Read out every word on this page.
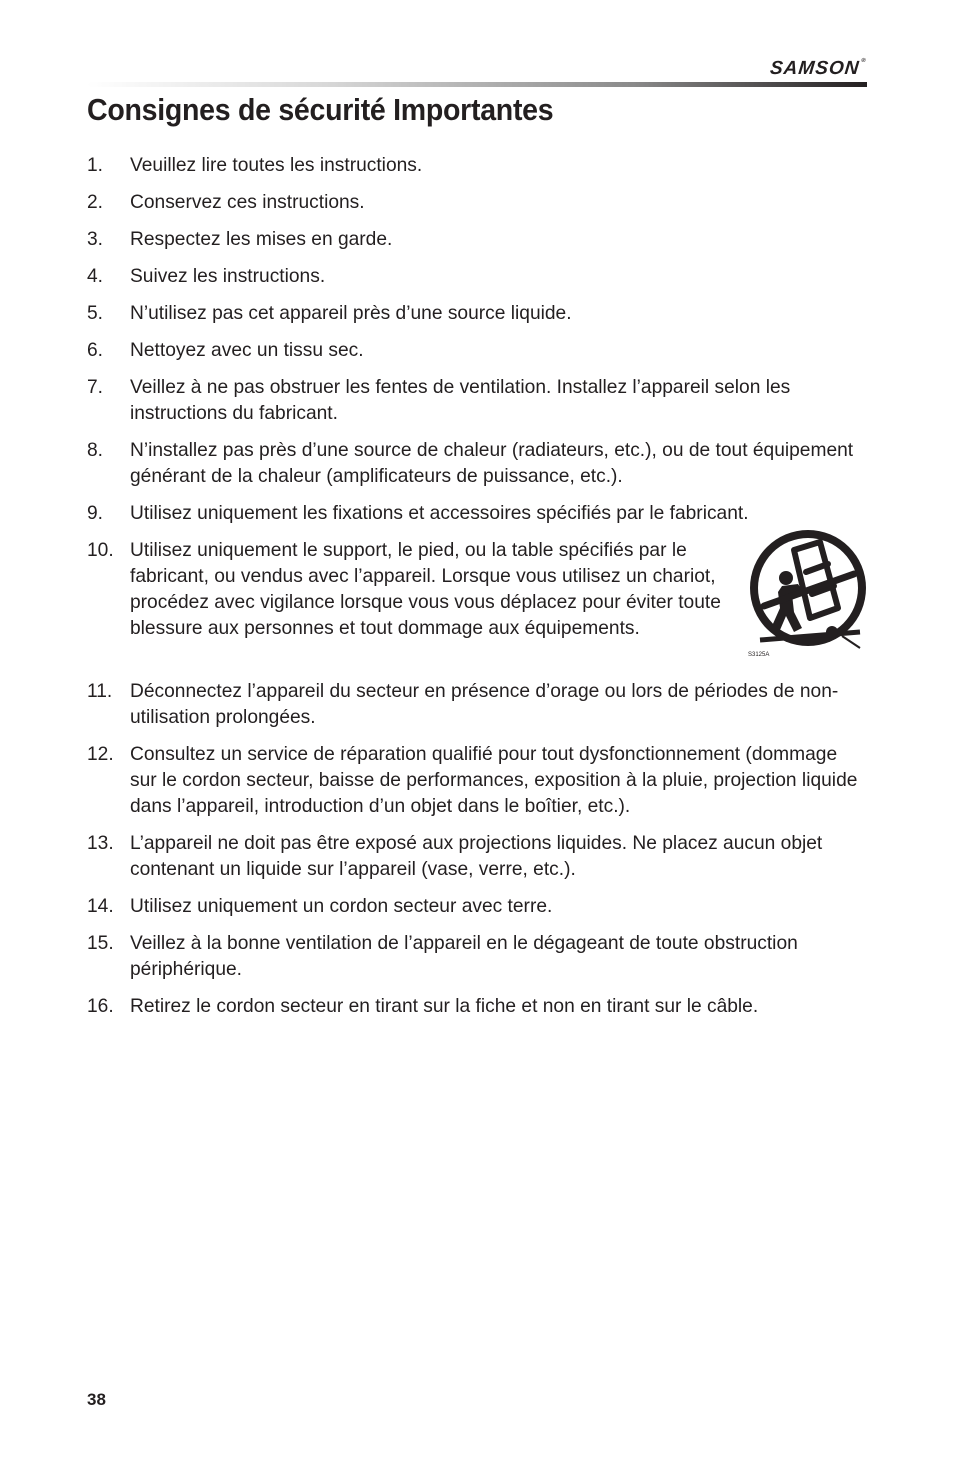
SAMSON®
Consignes de sécurité Importantes
1. Veuillez lire toutes les instructions.
2. Conservez ces instructions.
3. Respectez les mises en garde.
4. Suivez les instructions.
5. N’utilisez pas cet appareil près d’une source liquide.
6. Nettoyez avec un tissu sec.
7. Veillez à ne pas obstruer les fentes de ventilation. Installez l’appareil selon les instructions du fabricant.
8. N’installez pas près d’une source de chaleur (radiateurs, etc.), ou de tout équipement générant de la chaleur (amplificateurs de puissance, etc.).
9. Utilisez uniquement les fixations et accessoires spécifiés par le fabricant.
10. Utilisez uniquement le support, le pied, ou la table spécifiés par le fabricant, ou vendus avec l’appareil. Lorsque vous utilisez un chariot, procédez avec vigilance lorsque vous vous déplacez pour éviter toute blessure aux personnes et tout dommage aux équipements.
S3125A
11. Déconnectez l’appareil du secteur en présence d’orage ou lors de périodes de non-utilisation prolongées.
12. Consultez un service de réparation qualifié pour tout dysfonctionnement (dommage sur le cordon secteur, baisse de performances, exposition à la pluie, projection liquide dans l’appareil, introduction d’un objet dans le boîtier, etc.).
13. L’appareil ne doit pas être exposé aux projections liquides. Ne placez aucun objet contenant un liquide sur l’appareil (vase, verre, etc.).
14. Utilisez uniquement un cordon secteur avec terre.
15. Veillez à la bonne ventilation de l’appareil en le dégageant de toute obstruction périphérique.
16. Retirez le cordon secteur en tirant sur la fiche et non en tirant sur le câble.
38
